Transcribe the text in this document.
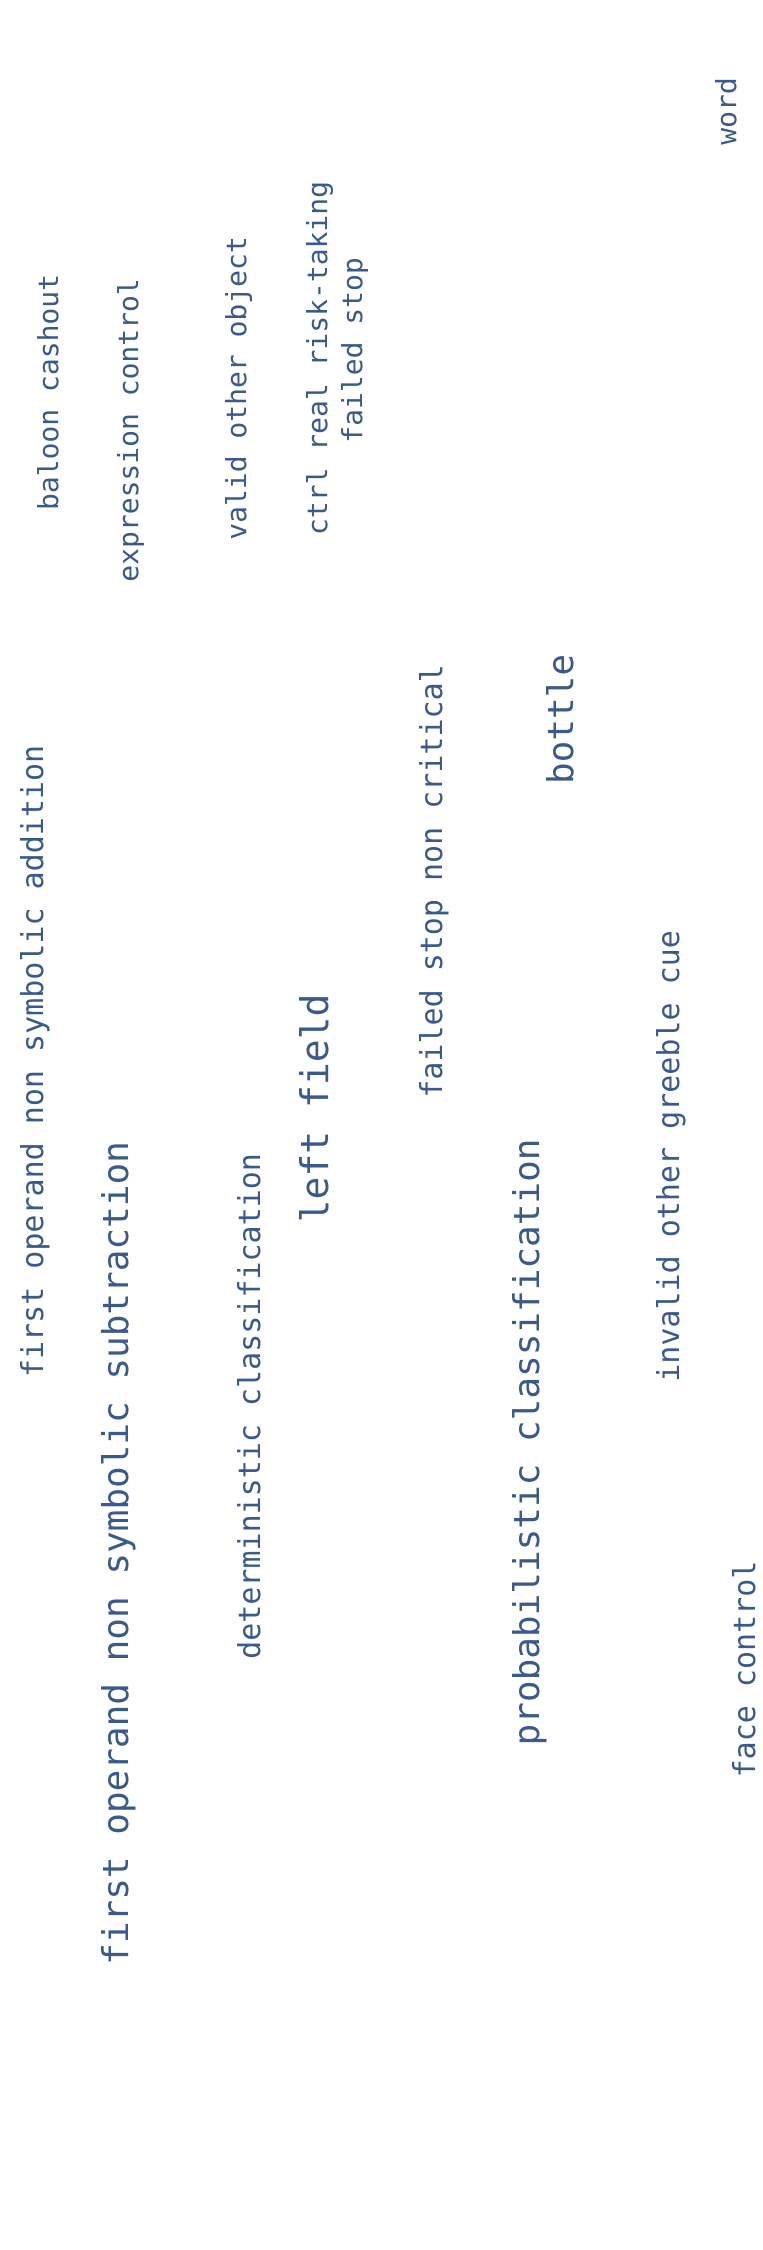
first operand non symbolic addition
first operand non symbolic subtraction	deterministic classification
left field
failed stop non critical
probabilistic classification
bottle
invalid other greeble cue
face control
baloon cashout expression control	valid other object ctrl real risk-taking failed stop
word
